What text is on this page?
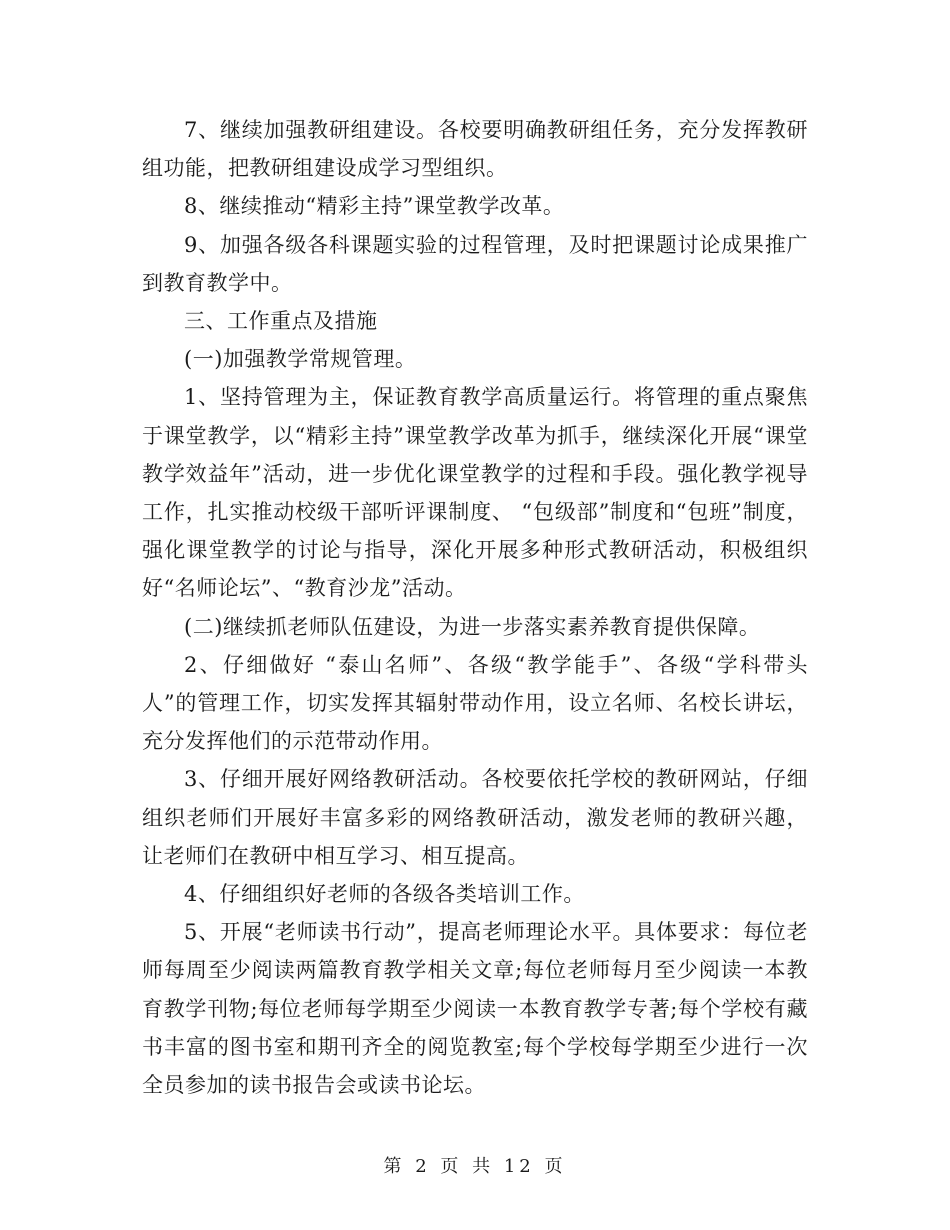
7、继续加强教研组建设。各校要明确教研组任务，充分发挥教研组功能，把教研组建设成学习型组织。

8、继续推动“精彩主持”课堂教学改革。

9、加强各级各科课题实验的过程管理，及时把课题讨论成果推广到教育教学中。

三、工作重点及措施

(一)加强教学常规管理。

1、坚持管理为主，保证教育教学高质量运行。将管理的重点聚焦于课堂教学，以“精彩主持”课堂教学改革为抓手，继续深化开展“课堂教学效益年”活动，进一步优化课堂教学的过程和手段。强化教学视导工作，扎实推动校级干部听评课制度、 “包级部”制度和“包班”制度，强化课堂教学的讨论与指导，深化开展多种形式教研活动，积极组织好“名师论坛”、“教育沙龙”活动。

(二)继续抓老师队伍建设，为进一步落实素养教育提供保障。

2、仔细做好 “泰山名师”、各级“教学能手”、各级“学科带头人”的管理工作，切实发挥其辐射带动作用，设立名师、名校长讲坛，充分发挥他们的示范带动作用。

3、仔细开展好网络教研活动。各校要依托学校的教研网站，仔细组织老师们开展好丰富多彩的网络教研活动，激发老师的教研兴趣，让老师们在教研中相互学习、相互提高。

4、仔细组织好老师的各级各类培训工作。

5、开展“老师读书行动”，提高老师理论水平。具体要求：每位老师每周至少阅读两篇教育教学相关文章;每位老师每月至少阅读一本教育教学刊物;每位老师每学期至少阅读一本教育教学专著;每个学校有藏书丰富的图书室和期刊齐全的阅览教室;每个学校每学期至少进行一次全员参加的读书报告会或读书论坛。

第 2 页 共 12 页
